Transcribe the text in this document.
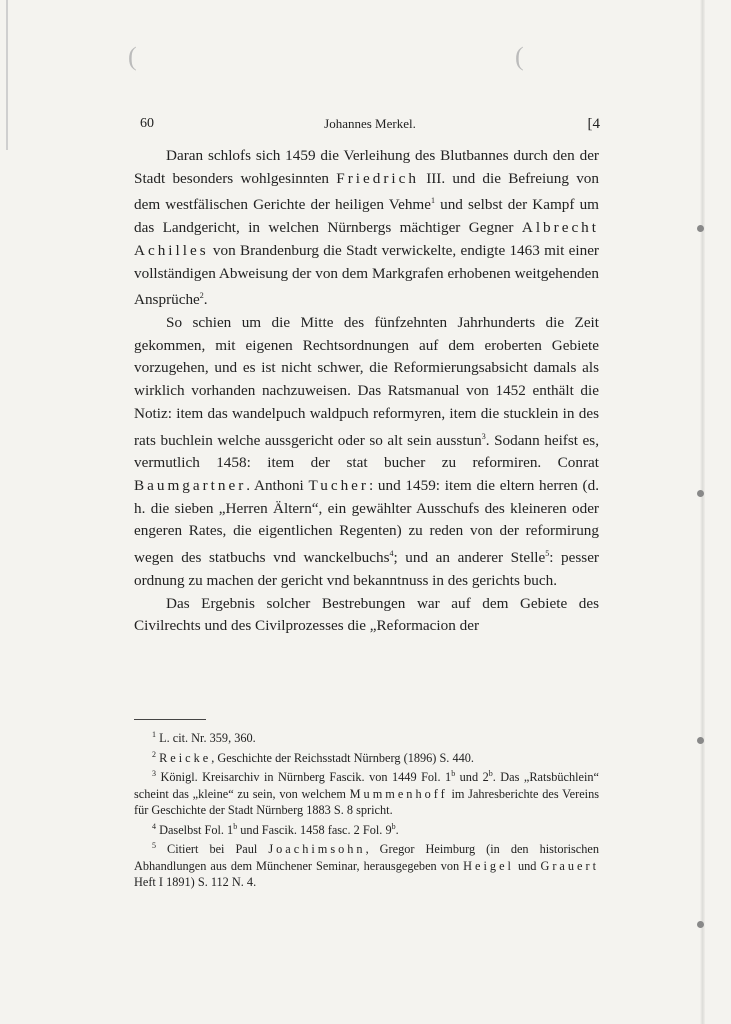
(	(
60	Johannes Merkel.	[4

Daran schlofs sich 1459 die Verleihung des Blutbannes durch den der Stadt besonders wohlgesinnten Friedrich III. und die Befreiung von dem westfälischen Gerichte der heiligen Vehme$^1$ und selbst der Kampf um das Landgericht, in welchen Nürnbergs mächtiger Gegner Albrecht Achilles von Brandenburg die Stadt verwickelte, endigte 1463 mit einer vollständigen Abweisung der von dem Markgrafen erhobenen weitgehenden Ansprüche$^2$.

So schien um die Mitte des fünfzehnten Jahrhunderts die Zeit gekommen, mit eigenen Rechtsordnungen auf dem eroberten Gebiete vorzugehen, und es ist nicht schwer, die Reformierungsabsicht damals als wirklich vorhanden nachzuweisen. Das Ratsmanual von 1452 enthält die Notiz: item das wandelpuch waldpuch reformyren, item die stucklein in des rats buchlein welche aussgericht oder so alt sein ausstun$^3$. Sodann heifst es, vermutlich 1458: item der stat bucher zu reformiren. Conrat Baumgartner. Anthoni Tucher: und 1459: item die eltern herren (d. h. die sieben „Herren Ältern“, ein gewählter Ausschufs des kleineren oder engeren Rates, die eigentlichen Regenten) zu reden von der reformirung wegen des statbuchs vnd wanckelbuchs$^4$; und an anderer Stelle$^5$: pesser ordnung zu machen der gericht vnd bekanntnuss in des gerichts buch.

Das Ergebnis solcher Bestrebungen war auf dem Gebiete des Civilrechts und des Civilprozesses die „Reformacion der

$^1$ L. cit. Nr. 359, 360.

$^2$ Reicke, Geschichte der Reichsstadt Nürnberg (1896) S. 440.

$^3$ Königl. Kreisarchiv in Nürnberg Fascik. von 1449 Fol. 1$^b$ und 2$^b$. Das „Ratsbüchlein“ scheint das „kleine“ zu sein, von welchem Mummenhoff im Jahresberichte des Vereins für Geschichte der Stadt Nürnberg 1883 S. 8 spricht.

$^4$ Daselbst Fol. 1$^b$ und Fascik. 1458 fasc. 2 Fol. 9$^b$.

$^5$ Citiert bei Paul Joachimsohn, Gregor Heimburg (in den historischen Abhandlungen aus dem Münchener Seminar, herausgegeben von Heigel und Grauert Heft I 1891) S. 112 N. 4.
